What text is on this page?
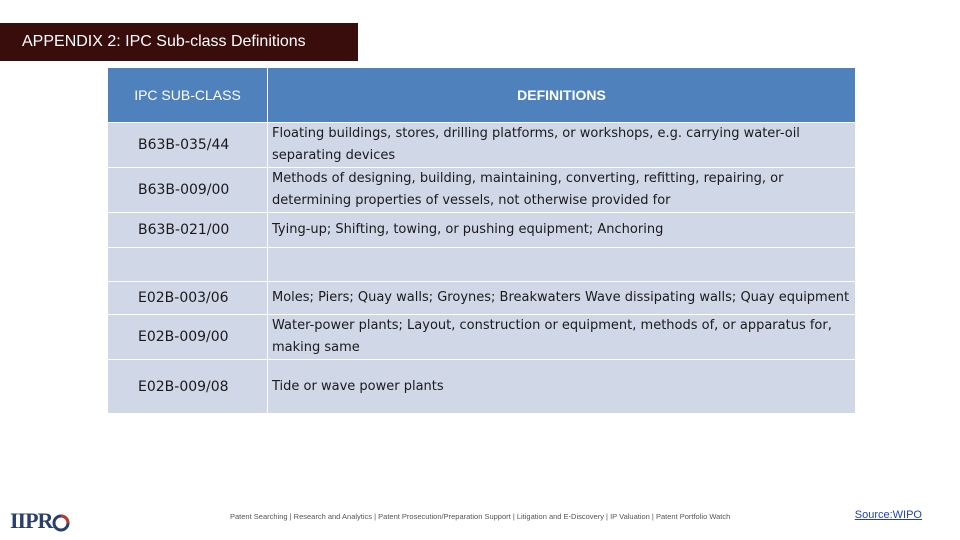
APPENDIX 2: IPC Sub-class Definitions
IPC SUB-CLASS	DEFINITIONS
B63B-035/44	Floating buildings, stores, drilling platforms, or workshops, e.g. carrying water-oil separating devices
B63B-009/00	Methods of designing, building, maintaining, converting, refitting, repairing, or determining properties of vessels, not otherwise provided for
B63B-021/00	Tying-up; Shifting, towing, or pushing equipment; Anchoring

E02B-003/06	Moles; Piers; Quay walls; Groynes; Breakwaters Wave dissipating walls; Quay equipment
E02B-009/00	Water-power plants; Layout, construction or equipment, methods of, or apparatus for, making same
E02B-009/08	Tide or wave power plants
IIPR	Patent Searching | Research and Analytics | Patent Prosecution/Preparation Support | Litigation and E-Discovery | IP Valuation | Patent Portfolio Watch	Source:WIPO
